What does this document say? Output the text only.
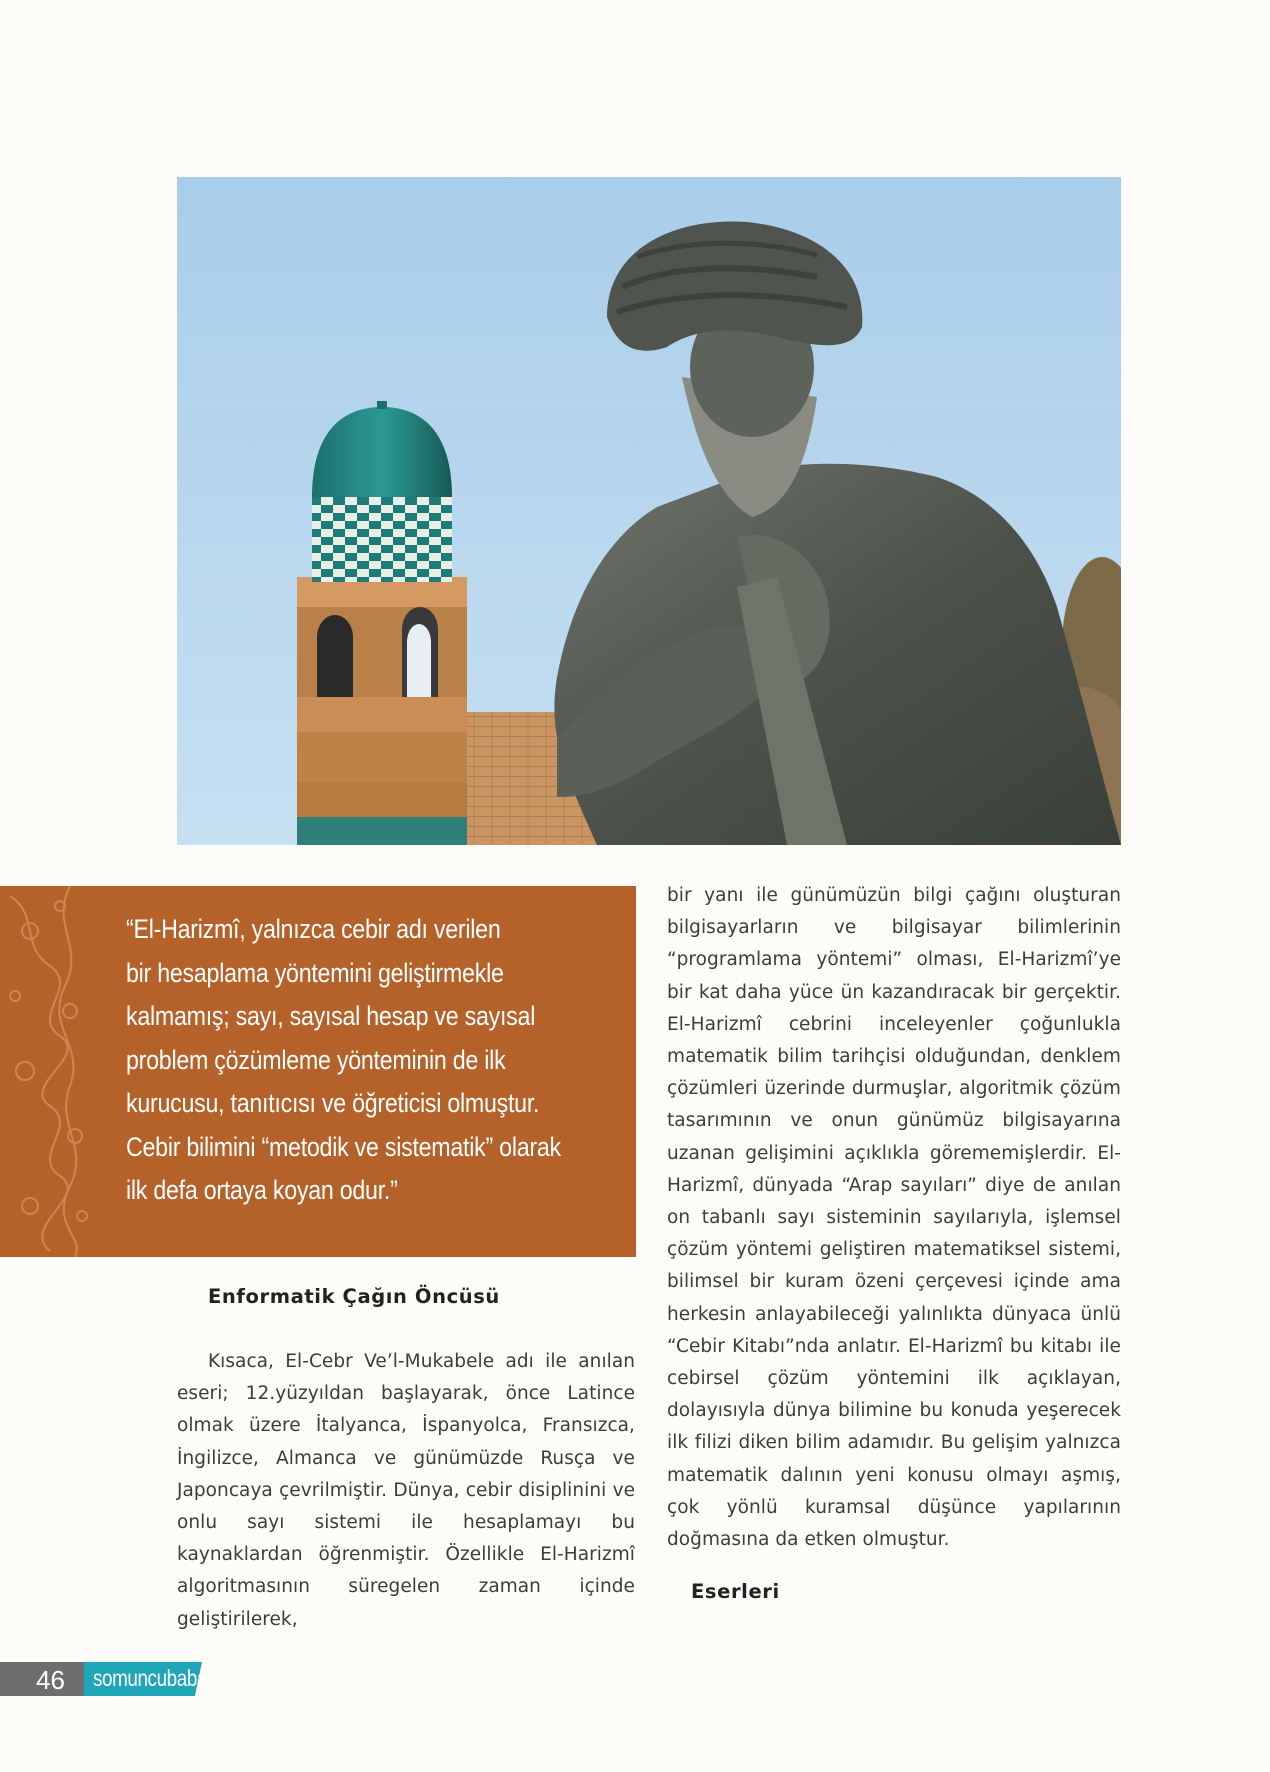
“El-Harizmî, yalnızca cebir adı verilen
bir hesaplama yöntemini geliştirmekle
kalmamış; sayı, sayısal hesap ve sayısal
problem çözümleme yönteminin de ilk
kurucusu, tanıtıcısı ve öğreticisi olmuştur.
Cebir bilimini “metodik ve sistematik” olarak
ilk defa ortaya koyan odur.”
Enformatik Çağın Öncüsü

Kısaca, El-Cebr Ve’l-Mukabele adı ile anılan eseri; 12.yüzyıldan başlayarak, önce Latince olmak üzere İtalyanca, İspanyolca, Fransızca, İngilizce, Almanca ve günümüzde Rusça ve Japoncaya çevrilmiştir. Dünya, cebir disiplinini ve onlu sayı sistemi ile hesaplamayı bu kaynaklardan öğrenmiştir. Özellikle El-Harizmî algoritmasının süregelen zaman içinde geliştirilerek,

bir yanı ile günümüzün bilgi çağını oluşturan bilgisayarların ve bilgisayar bilimlerinin “programlama yöntemi” olması, El-Harizmî’ye bir kat daha yüce ün kazandıracak bir gerçektir. El-Harizmî cebrini inceleyenler çoğunlukla matematik bilim tarihçisi olduğundan, denklem çözümleri üzerinde durmuşlar, algoritmik çözüm tasarımının ve onun günümüz bilgisayarına uzanan gelişimini açıklıkla görememişlerdir. El-Harizmî, dünyada “Arap sayıları” diye de anılan on tabanlı sayı sisteminin sayılarıyla, işlemsel çözüm yöntemi geliştiren matematiksel sistemi, bilimsel bir kuram özeni çerçevesi içinde ama herkesin anlayabileceği yalınlıkta dünyaca ünlü “Cebir Kitabı”nda anlatır. El-Harizmî bu kitabı ile cebirsel çözüm yöntemini ilk açıklayan, dolayısıyla dünya bilimine bu konuda yeşerecek ilk filizi diken bilim adamıdır. Bu gelişim yalnızca matematik dalının yeni konusu olmayı aşmış, çok yönlü kuramsal düşünce yapılarının doğmasına da etken olmuştur.

Eserleri
46 somuncubaba
